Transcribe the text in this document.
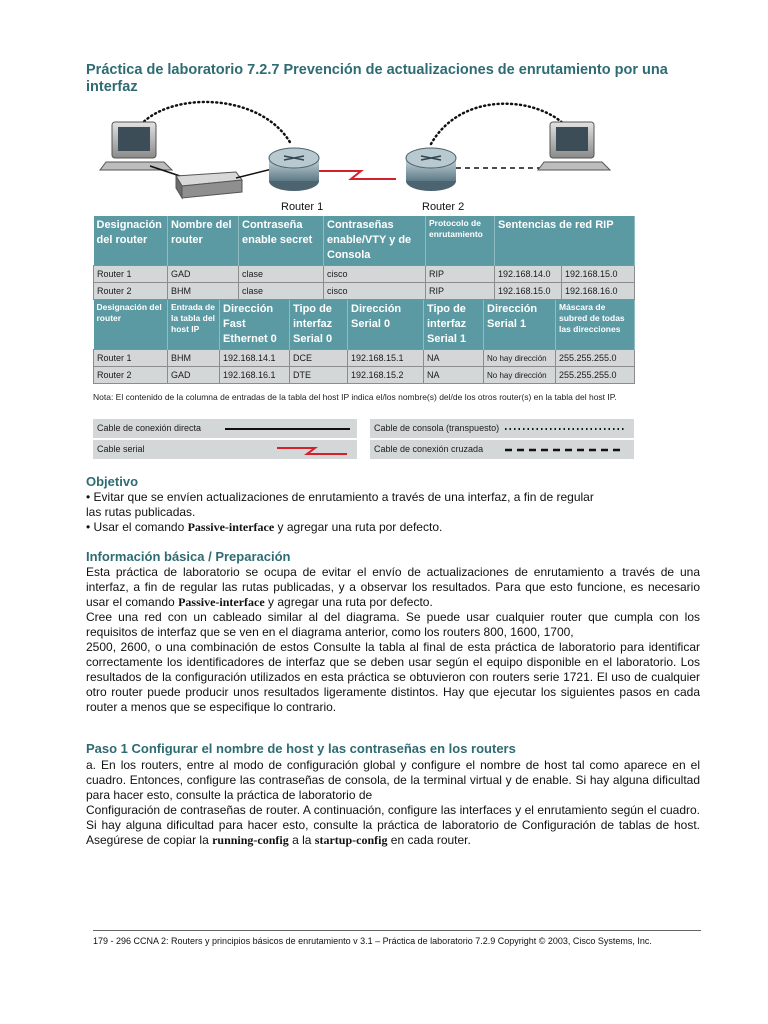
Práctica de laboratorio 7.2.7 Prevención de actualizaciones de enrutamiento por una interfaz
Router 1	Router 2
Designación del router	Nombre del router	Contraseña enable secret	Contraseñas enable/VTY y de Consola	Protocolo de enrutamiento	Sentencias de red RIP	
Router 1	GAD	clase	cisco	RIP	192.168.14.0	192.168.15.0
Router 2	BHM	clase	cisco	RIP	192.168.15.0	192.168.16.0
Designación del router	Entrada de la tabla del host IP	Dirección Fast Ethernet 0	Tipo de interfaz Serial 0	Dirección Serial 0	Tipo de interfaz Serial 1	Dirección Serial 1	Máscara de subred de todas las direcciones
Router 1	BHM	192.168.14.1	DCE	192.168.15.1	NA	No hay dirección	255.255.255.0
Router 2	GAD	192.168.16.1	DTE	192.168.15.2	NA	No hay dirección	255.255.255.0
Nota: El contenido de la columna de entradas de la tabla del host IP indica el/los nombre(s) del/de los otros router(s) en la tabla del host IP.
Cable de conexión directa
Cable serial
Cable de consola (transpuesto)
Cable de conexión cruzada
Objetivo
• Evitar que se envíen actualizaciones de enrutamiento a través de una interfaz, a fin de regular
las rutas publicadas.
• Usar el comando Passive-interface y agregar una ruta por defecto.
Información básica / Preparación
Esta práctica de laboratorio se ocupa de evitar el envío de actualizaciones de enrutamiento a través de una interfaz, a fin de regular las rutas publicadas, y a observar los resultados. Para que esto funcione, es necesario usar el comando Passive-interface y agregar una ruta por defecto.
Cree una red con un cableado similar al del diagrama. Se puede usar cualquier router que cumpla con los requisitos de interfaz que se ven en el diagrama anterior, como los routers 800, 1600, 1700,
2500, 2600, o una combinación de estos Consulte la tabla al final de esta práctica de laboratorio para identificar correctamente los identificadores de interfaz que se deben usar según el equipo disponible en el laboratorio. Los resultados de la configuración utilizados en esta práctica se obtuvieron con routers serie 1721. El uso de cualquier otro router puede producir unos resultados ligeramente distintos. Hay que ejecutar los siguientes pasos en cada router a menos que se especifique lo contrario.
Paso 1 Configurar el nombre de host y las contraseñas en los routers
a. En los routers, entre al modo de configuración global y configure el nombre de host tal como aparece en el cuadro. Entonces, configure las contraseñas de consola, de la terminal virtual y de enable. Si hay alguna dificultad para hacer esto, consulte la práctica de laboratorio de
Configuración de contraseñas de router. A continuación, configure las interfaces y el enrutamiento según el cuadro. Si hay alguna dificultad para hacer esto, consulte la práctica de laboratorio de Configuración de tablas de host. Asegúrese de copiar la running-config a la startup-config en cada router.
179 - 296 CCNA 2: Routers y principios básicos de enrutamiento v 3.1 – Práctica de laboratorio 7.2.9 Copyright © 2003, Cisco Systems, Inc.
